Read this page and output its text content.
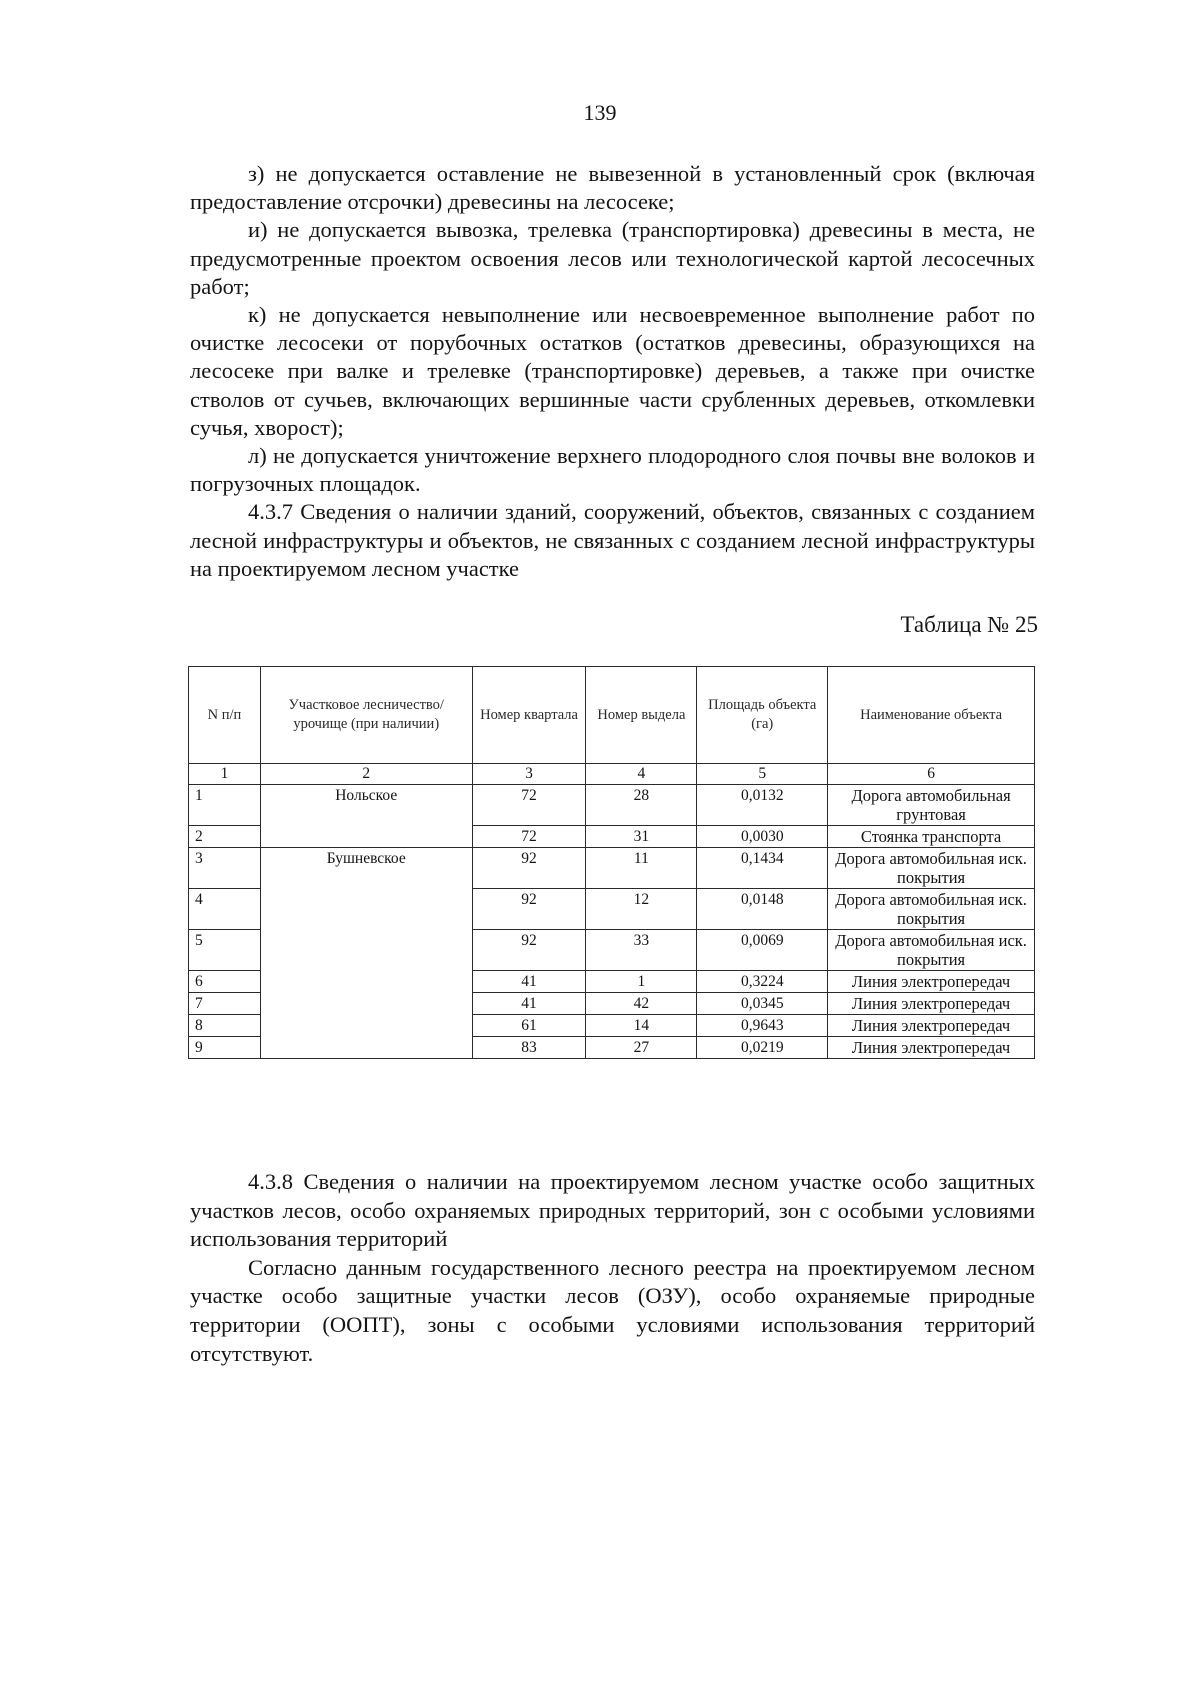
139

з) не допускается оставление не вывезенной в установленный срок (включая предоставление отсрочки) древесины на лесосеке;

и) не допускается вывозка, трелевка (транспортировка) древесины в места, не предусмотренные проектом освоения лесов или технологической картой лесосечных работ;

к) не допускается невыполнение или несвоевременное выполнение работ по очистке лесосеки от порубочных остатков (остатков древесины, образующихся на лесосеке при валке и трелевке (транспортировке) деревьев, а также при очистке стволов от сучьев, включающих вершинные части срубленных деревьев, откомлевки сучья, хворост);

л) не допускается уничтожение верхнего плодородного слоя почвы вне волоков и погрузочных площадок.

4.3.7 Сведения о наличии зданий, сооружений, объектов, связанных с созданием лесной инфраструктуры и объектов, не связанных с созданием лесной инфраструктуры на проектируемом лесном участке

Таблица № 25
N п/п	Участковое лесничество/урочище (при наличии)	Номер квартала	Номер выдела	Площадь объекта (га)	Наименование объекта
1	2	3	4	5	6
1	Нольское	72	28	0,0132	Дорога автомобильная грунтовая
2		72	31	0,0030	Стоянка транспорта
3	Бушневское	92	11	0,1434	Дорога автомобильная иск. покрытия
4		92	12	0,0148	Дорога автомобильная иск. покрытия
5		92	33	0,0069	Дорога автомобильная иск. покрытия
6		41	1	0,3224	Линия электропередач
7		41	42	0,0345	Линия электропередач
8		61	14	0,9643	Линия электропередач
9		83	27	0,0219	Линия электропередач

4.3.8 Сведения о наличии на проектируемом лесном участке особо защитных участков лесов, особо охраняемых природных территорий, зон с особыми условиями использования территорий

Согласно данным государственного лесного реестра на проектируемом лесном участке особо защитные участки лесов (ОЗУ), особо охраняемые природные территории (ООПТ), зоны с особыми условиями использования территорий отсутствуют.
